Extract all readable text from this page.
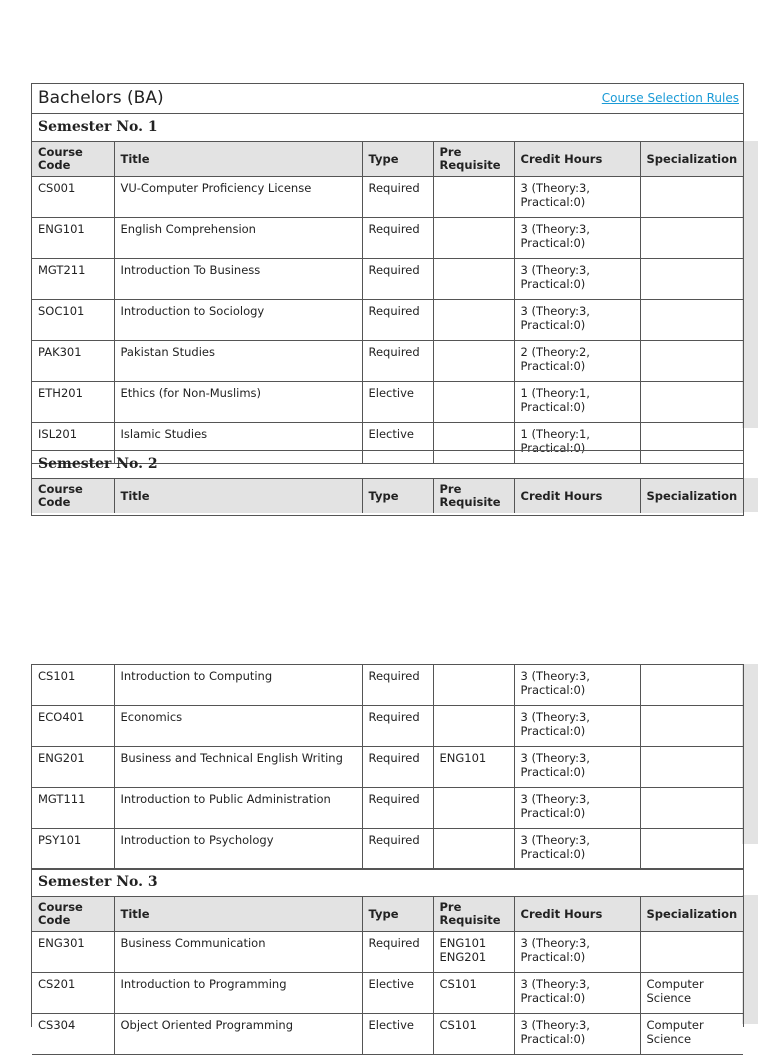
Bachelors (BA)	Course Selection Rules
Semester No. 1
Course Code	Title	Type	Pre Requisite	Credit Hours	Specialization
CS001	VU-Computer Proficiency License	Required		3 (Theory:3, Practical:0)	
ENG101	English Comprehension	Required		3 (Theory:3, Practical:0)	
MGT211	Introduction To Business	Required		3 (Theory:3, Practical:0)	
SOC101	Introduction to Sociology	Required		3 (Theory:3, Practical:0)	
PAK301	Pakistan Studies	Required		2 (Theory:2, Practical:0)	
ETH201	Ethics (for Non-Muslims)	Elective		1 (Theory:1, Practical:0)	
ISL201	Islamic Studies	Elective		1 (Theory:1, Practical:0)	
Semester No. 2
Course Code	Title	Type	Pre Requisite	Credit Hours	Specialization
CS101	Introduction to Computing	Required		3 (Theory:3, Practical:0)	
ECO401	Economics	Required		3 (Theory:3, Practical:0)	
ENG201	Business and Technical English Writing	Required	ENG101	3 (Theory:3, Practical:0)	
MGT111	Introduction to Public Administration	Required		3 (Theory:3, Practical:0)	
PSY101	Introduction to Psychology	Required		3 (Theory:3, Practical:0)	
Semester No. 3
Course Code	Title	Type	Pre Requisite	Credit Hours	Specialization
ENG301	Business Communication	Required	ENG101 ENG201	3 (Theory:3, Practical:0)	
CS201	Introduction to Programming	Elective	CS101	3 (Theory:3, Practical:0)	Computer Science
CS304	Object Oriented Programming	Elective	CS101	3 (Theory:3, Practical:0)	Computer Science
